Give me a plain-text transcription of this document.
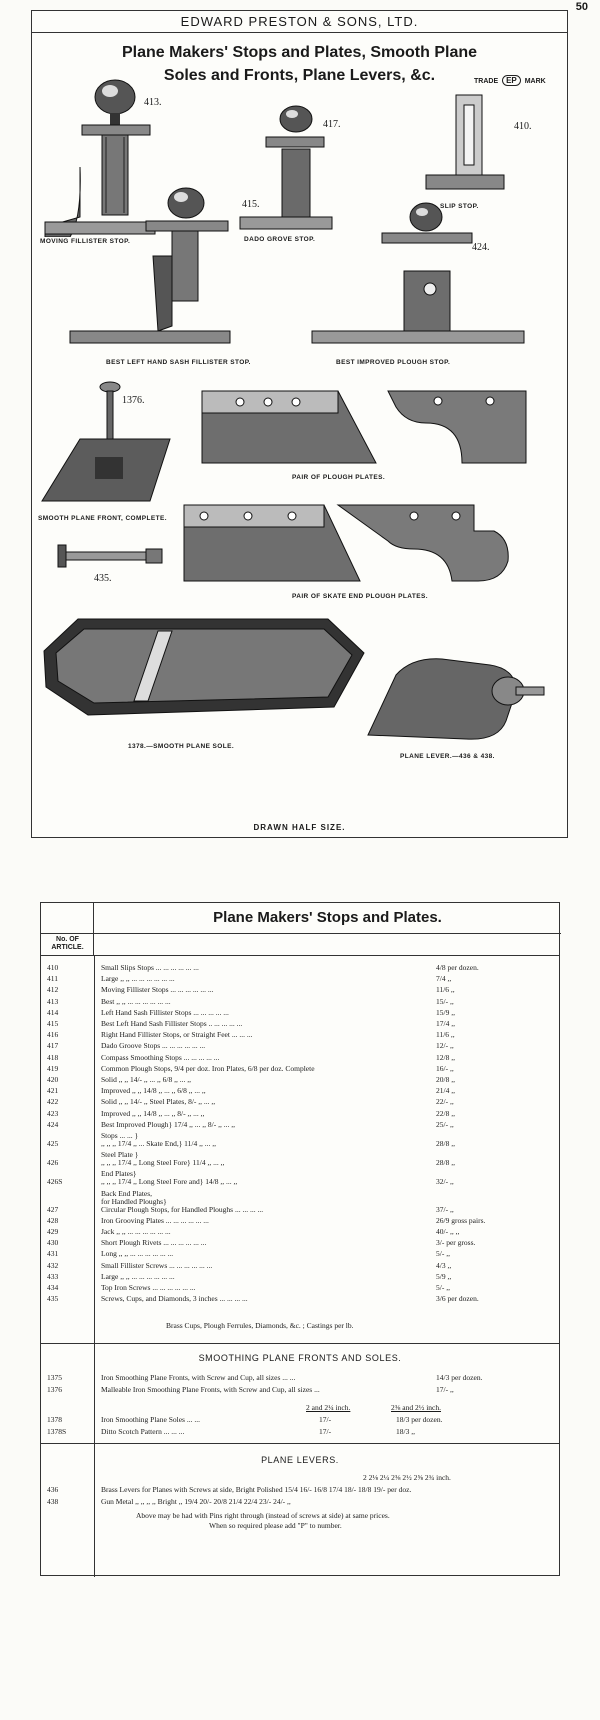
50
EDWARD PRESTON & SONS, LTD.
Plane Makers' Stops and Plates, Smooth Plane
Soles and Fronts, Plane Levers, &c.	TRADE EP MARK
413.
MOVING FILLISTER STOP.
417.
DADO GROVE STOP.
410.
SLIP STOP.
415.
BEST LEFT HAND SASH FILLISTER STOP.
424.
BEST IMPROVED PLOUGH STOP.
1376.
SMOOTH PLANE FRONT, COMPLETE.
PAIR OF PLOUGH PLATES.
435.
PAIR OF SKATE END PLOUGH PLATES.
1378.—SMOOTH PLANE SOLE.
PLANE LEVER.—436 & 438.
DRAWN HALF SIZE.
No. OF ARTICLE.
Plane Makers' Stops and Plates.
410	Small Slips Stops ... ... ... ... ... ...	4/8 per dozen.
411	Large ,, ,, ... ... ... ... ... ...	7/4 ,,
412	Moving Fillister Stops ... ... ... ... ... ...	11/6 ,,
413	Best ,, ,, ... ... ... ... ... ...	15/- ,,
414	Left Hand Sash Fillister Stops ... ... ... ... ...	15/9 ,,
415	Best Left Hand Sash Fillister Stops .. ... ... ... ...	17/4 ,,
416	Right Hand Fillister Stops, or Straight Feet ... ... ...	11/6 ,,
417	Dado Groove Stops ... ... ... ... ... ...	12/- ,,
418	Compass Smoothing Stops ... ... ... ... ...	12/8 ,,
419	Common Plough Stops, 9/4 per doz. Iron Plates, 6/8 per doz. Complete	16/- ,,
420	Solid ,, ,, 14/- ,, ... ,, 6/8 ,, ... ,,	20/8 ,,
421	Improved ,, ,, 14/8 ,, ... ,, 6/8 ,, ... ,,	21/4 ,,
422	Solid ,, ,, 14/- ,, Steel Plates, 8/- ,, ... ,,	22/- ,,
423	Improved ,, ,, 14/8 ,, ... ,, 8/- ,, ... ,,	22/8 ,,
424	Best Improved Plough} 17/4 ,, ... ,, 8/- ,, ... ,,	25/- ,,
Stops ... ... }
425	,, ,, ,, 17/4 ,, ... Skate End,} 11/4 ,, ... ,,	28/8 ,,
Steel Plate }
426	,, ,, ,, 17/4 ,, Long Steel Fore} 11/4 ,, ... ,,	28/8 ,,
End Plates}
426S	,, ,, ,, 17/4 ,, Long Steel Fore and} 14/8 ,, ... ,,	32/- ,,
Back End Plates,
for Handled Ploughs}
427	Circular Plough Stops, for Handled Ploughs ... ... ... ...	37/- ,,
428	Iron Grooving Plates ... ... ... ... ... ...	26/9 gross pairs.
429	Jack ,, ,, ... ... ... ... ... ...	40/- ,, ,,
430	Short Plough Rivets ... ... ... ... ... ...	3/- per gross.
431	Long ,, ,, ... ... ... ... ... ...	5/- ,,
432	Small Fillister Screws ... ... ... ... ... ...	4/3 ,,
433	Large ,, ,, ... ... ... ... ... ...	5/9 ,,
434	Top Iron Screws ... ... ... ... ... ...	5/- ,,
435	Screws, Cups, and Diamonds, 3 inches ... ... ... ...	3/6 per dozen.
Brass Cups, Plough Ferrules, Diamonds, &c. ; Castings per lb.
SMOOTHING PLANE FRONTS AND SOLES.
1375	Iron Smoothing Plane Fronts, with Screw and Cup, all sizes ... ...	14/3 per dozen.
1376	Malleable Iron Smoothing Plane Fronts, with Screw and Cup, all sizes ...	17/- ,,
2 and 2¼ inch.	2⅜ and 2½ inch.
1378	Iron Smoothing Plane Soles ... ...	17/-	18/3 per dozen.
1378S	Ditto Scotch Pattern ... ... ...	17/-	18/3 ,,
PLANE LEVERS.
2 2⅛ 2¼ 2⅜ 2½ 2⅝ 2¾ inch.
436	Brass Levers for Planes with Screws at side, Bright Polished 15/4 16/- 16/8 17/4 18/- 18/8 19/- per doz.
438	Gun Metal ,, ,, ,, ,, Bright ,, 19/4 20/- 20/8 21/4 22/4 23/- 24/- ,,
Above may be had with Pins right through (instead of screws at side) at same prices.
When so required please add "P" to number.
